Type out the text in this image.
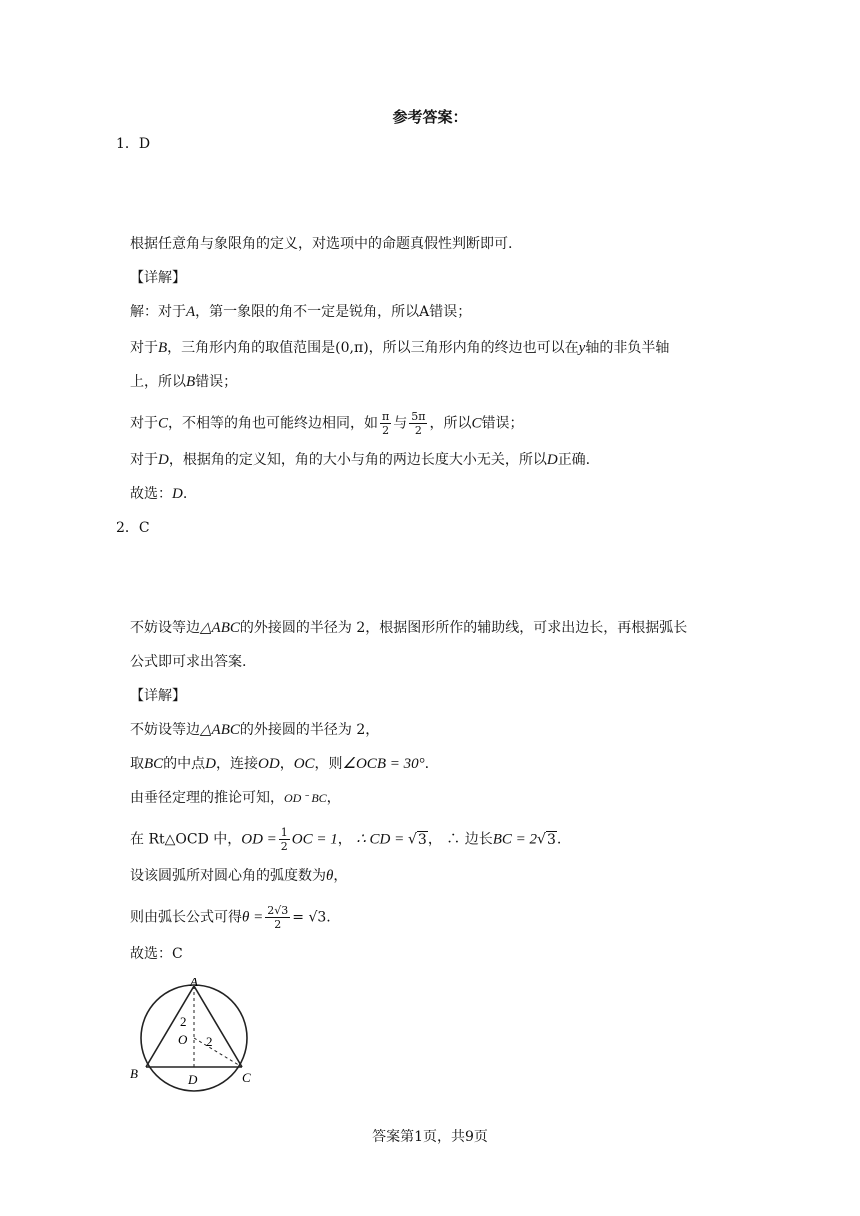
参考答案：
1．D
根据任意角与象限角的定义，对选项中的命题真假性判断即可.
【详解】
解：对于A，第一象限的角不一定是锐角，所以A错误；
对于B，三角形内角的取值范围是(0,π)，所以三角形内角的终边也可以在y轴的非负半轴
上，所以B错误；
对于C，不相等的角也可能终边相同，如 $\frac{\pi}{2}$ 与 $\frac{5\pi}{2}$ ，所以C错误；
对于D，根据角的定义知，角的大小与角的两边长度大小无关，所以D正确.
故选：D.
2．C
不妨设等边△ABC的外接圆的半径为 2，根据图形所作的辅助线，可求出边长，再根据弧长
公式即可求出答案.
【详解】
不妨设等边△ABC的外接圆的半径为 2，
取BC的中点D，连接OD，OC，则∠OCB = 30°.
由垂径定理的推论可知，OD ˉ BC，
在 Rt△OCD 中，OD = $\frac{1}{2}$ OC = 1， ∴ CD = √3， ∴ 边长BC = 2√3.
设该圆弧所对圆心角的弧度数为θ，
则由弧长公式可得$\theta = \frac{2√3}{2} = √3$.
故选：C
A
B	C
D
O
2
2
答案第1页，共9页
